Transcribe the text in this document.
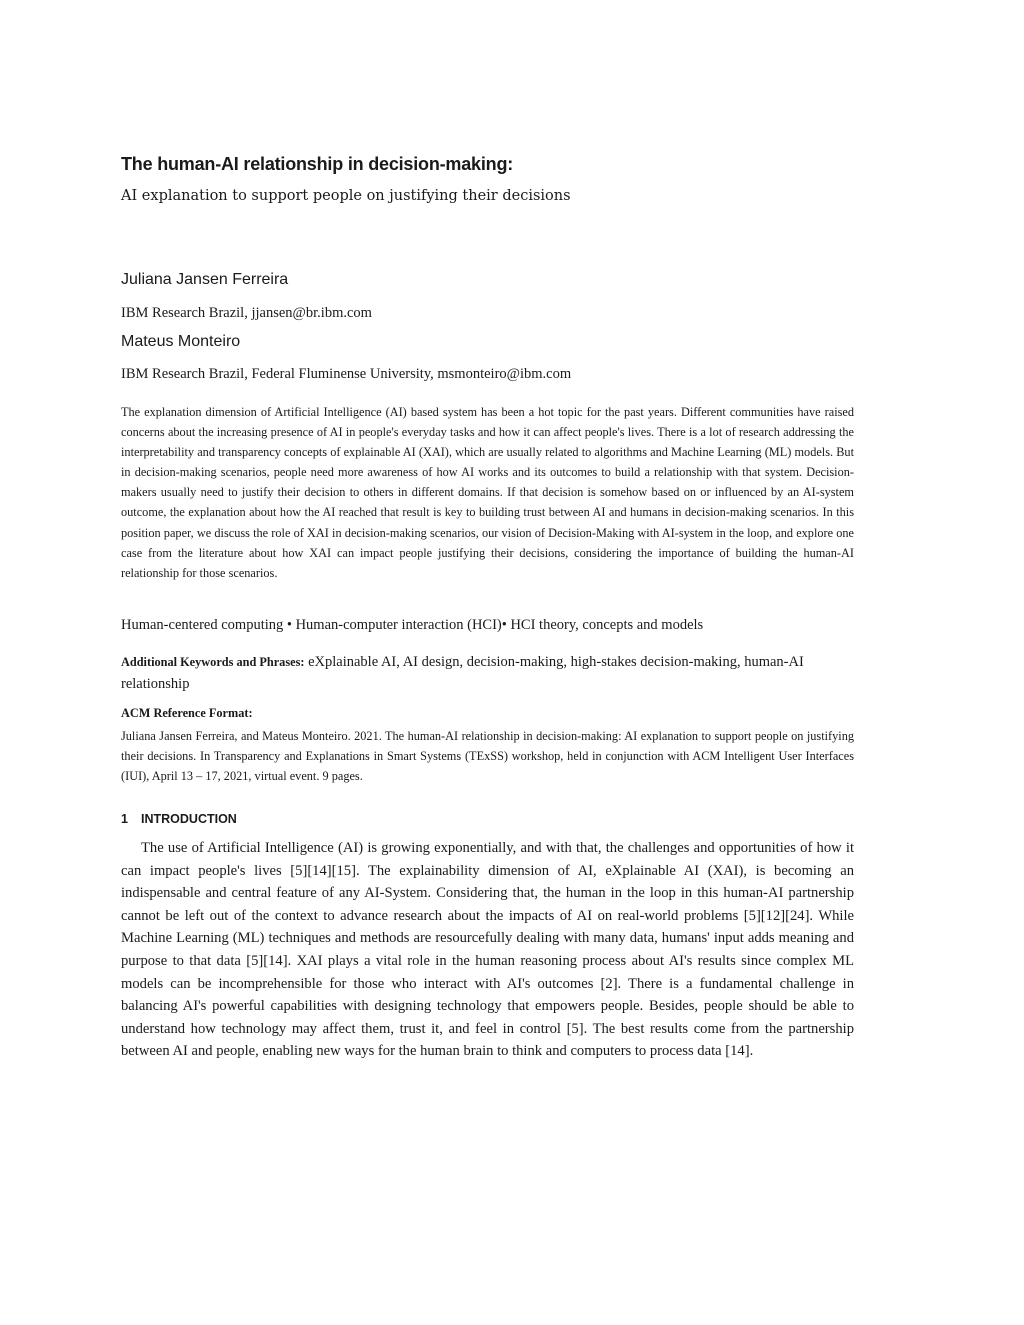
The human-AI relationship in decision-making:

AI explanation to support people on justifying their decisions

Juliana Jansen Ferreira

IBM Research Brazil, jjansen@br.ibm.com

Mateus Monteiro

IBM Research Brazil, Federal Fluminense University, msmonteiro@ibm.com

The explanation dimension of Artificial Intelligence (AI) based system has been a hot topic for the past years. Different communities have raised concerns about the increasing presence of AI in people's everyday tasks and how it can affect people's lives. There is a lot of research addressing the interpretability and transparency concepts of explainable AI (XAI), which are usually related to algorithms and Machine Learning (ML) models. But in decision-making scenarios, people need more awareness of how AI works and its outcomes to build a relationship with that system. Decision-makers usually need to justify their decision to others in different domains. If that decision is somehow based on or influenced by an AI-system outcome, the explanation about how the AI reached that result is key to building trust between AI and humans in decision-making scenarios. In this position paper, we discuss the role of XAI in decision-making scenarios, our vision of Decision-Making with AI-system in the loop, and explore one case from the literature about how XAI can impact people justifying their decisions, considering the importance of building the human-AI relationship for those scenarios.

Human-centered computing • Human-computer interaction (HCI)• HCI theory, concepts and models

Additional Keywords and Phrases: eXplainable AI, AI design, decision-making, high-stakes decision-making, human-AI relationship

ACM Reference Format:

Juliana Jansen Ferreira, and Mateus Monteiro. 2021. The human-AI relationship in decision-making: AI explanation to support people on justifying their decisions. In Transparency and Explanations in Smart Systems (TExSS) workshop, held in conjunction with ACM Intelligent User Interfaces (IUI), April 13 – 17, 2021, virtual event. 9 pages.

1 INTRODUCTION

The use of Artificial Intelligence (AI) is growing exponentially, and with that, the challenges and opportunities of how it can impact people's lives [5][14][15]. The explainability dimension of AI, eXplainable AI (XAI), is becoming an indispensable and central feature of any AI-System. Considering that, the human in the loop in this human-AI partnership cannot be left out of the context to advance research about the impacts of AI on real-world problems [5][12][24]. While Machine Learning (ML) techniques and methods are resourcefully dealing with many data, humans' input adds meaning and purpose to that data [5][14]. XAI plays a vital role in the human reasoning process about AI's results since complex ML models can be incomprehensible for those who interact with AI's outcomes [2]. There is a fundamental challenge in balancing AI's powerful capabilities with designing technology that empowers people. Besides, people should be able to understand how technology may affect them, trust it, and feel in control [5]. The best results come from the partnership between AI and people, enabling new ways for the human brain to think and computers to process data [14].
